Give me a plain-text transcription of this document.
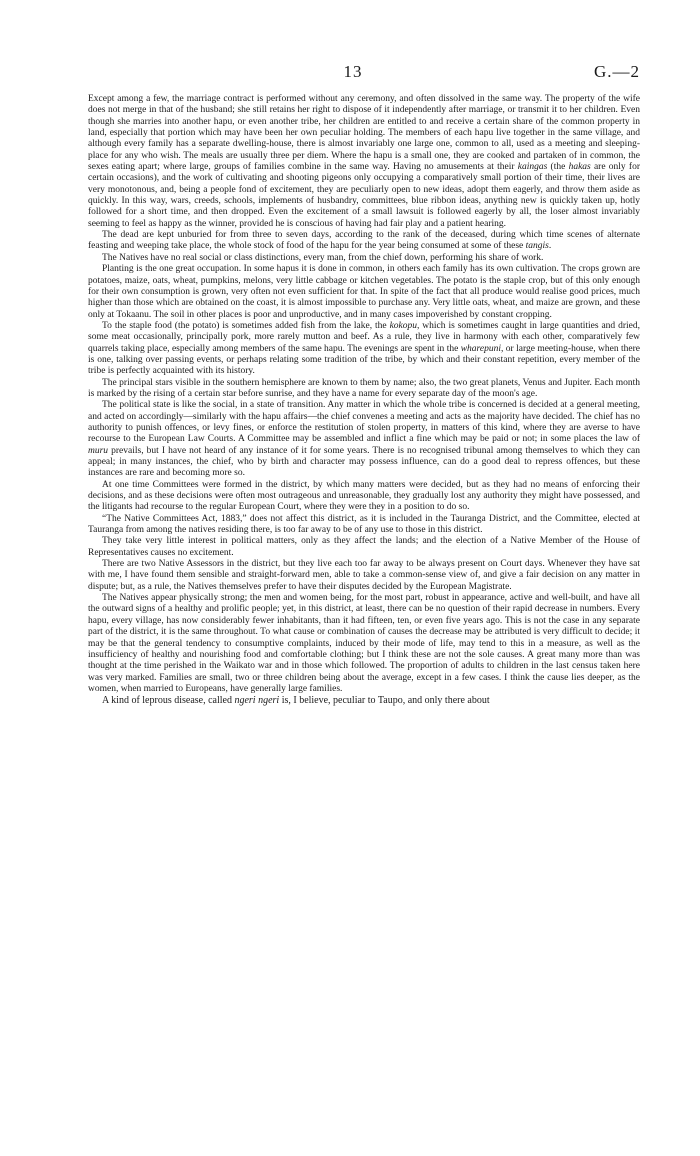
13	G.—2

Except among a few, the marriage contract is performed without any ceremony, and often dissolved in the same way. The property of the wife does not merge in that of the husband; she still retains her right to dispose of it independently after marriage, or transmit it to her children. Even though she marries into another hapu, or even another tribe, her children are entitled to and receive a certain share of the common property in land, especially that portion which may have been her own peculiar holding. The members of each hapu live together in the same village, and although every family has a separate dwelling-house, there is almost invariably one large one, common to all, used as a meeting and sleeping-place for any who wish. The meals are usually three per diem. Where the hapu is a small one, they are cooked and partaken of in common, the sexes eating apart; where large, groups of families combine in the same way. Having no amusements at their kaingas (the hakas are only for certain occasions), and the work of cultivating and shooting pigeons only occupying a comparatively small portion of their time, their lives are very monotonous, and, being a people fond of excitement, they are peculiarly open to new ideas, adopt them eagerly, and throw them aside as quickly. In this way, wars, creeds, schools, implements of husbandry, committees, blue ribbon ideas, anything new is quickly taken up, hotly followed for a short time, and then dropped. Even the excitement of a small lawsuit is followed eagerly by all, the loser almost invariably seeming to feel as happy as the winner, provided he is conscious of having had fair play and a patient hearing.

The dead are kept unburied for from three to seven days, according to the rank of the deceased, during which time scenes of alternate feasting and weeping take place, the whole stock of food of the hapu for the year being consumed at some of these tangis.

The Natives have no real social or class distinctions, every man, from the chief down, performing his share of work.

Planting is the one great occupation. In some hapus it is done in common, in others each family has its own cultivation. The crops grown are potatoes, maize, oats, wheat, pumpkins, melons, very little cabbage or kitchen vegetables. The potato is the staple crop, but of this only enough for their own consumption is grown, very often not even sufficient for that. In spite of the fact that all produce would realise good prices, much higher than those which are obtained on the coast, it is almost impossible to purchase any. Very little oats, wheat, and maize are grown, and these only at Tokaanu. The soil in other places is poor and unproductive, and in many cases impoverished by constant cropping.

To the staple food (the potato) is sometimes added fish from the lake, the kokopu, which is sometimes caught in large quantities and dried, some meat occasionally, principally pork, more rarely mutton and beef. As a rule, they live in harmony with each other, comparatively few quarrels taking place, especially among members of the same hapu. The evenings are spent in the wharepuni, or large meeting-house, when there is one, talking over passing events, or perhaps relating some tradition of the tribe, by which and their constant repetition, every member of the tribe is perfectly acquainted with its history.

The principal stars visible in the southern hemisphere are known to them by name; also, the two great planets, Venus and Jupiter. Each month is marked by the rising of a certain star before sunrise, and they have a name for every separate day of the moon's age.

The political state is like the social, in a state of transition. Any matter in which the whole tribe is concerned is decided at a general meeting, and acted on accordingly—similarly with the hapu affairs—the chief convenes a meeting and acts as the majority have decided. The chief has no authority to punish offences, or levy fines, or enforce the restitution of stolen property, in matters of this kind, where they are averse to have recourse to the European Law Courts. A Committee may be assembled and inflict a fine which may be paid or not; in some places the law of muru prevails, but I have not heard of any instance of it for some years. There is no recognised tribunal among themselves to which they can appeal; in many instances, the chief, who by birth and character may possess influence, can do a good deal to repress offences, but these instances are rare and becoming more so.

At one time Committees were formed in the district, by which many matters were decided, but as they had no means of enforcing their decisions, and as these decisions were often most outrageous and unreasonable, they gradually lost any authority they might have possessed, and the litigants had recourse to the regular European Court, where they were they in a position to do so.

“The Native Committees Act, 1883,” does not affect this district, as it is included in the Tauranga District, and the Committee, elected at Tauranga from among the natives residing there, is too far away to be of any use to those in this district.

They take very little interest in political matters, only as they affect the lands; and the election of a Native Member of the House of Representatives causes no excitement.

There are two Native Assessors in the district, but they live each too far away to be always present on Court days. Whenever they have sat with me, I have found them sensible and straight-forward men, able to take a common-sense view of, and give a fair decision on any matter in dispute; but, as a rule, the Natives themselves prefer to have their disputes decided by the European Magistrate.

The Natives appear physically strong; the men and women being, for the most part, robust in appearance, active and well-built, and have all the outward signs of a healthy and prolific people; yet, in this district, at least, there can be no question of their rapid decrease in numbers. Every hapu, every village, has now considerably fewer inhabitants, than it had fifteen, ten, or even five years ago. This is not the case in any separate part of the district, it is the same throughout. To what cause or combination of causes the decrease may be attributed is very difficult to decide; it may be that the general tendency to consumptive complaints, induced by their mode of life, may tend to this in a measure, as well as the insufficiency of healthy and nourishing food and comfortable clothing; but I think these are not the sole causes. A great many more than was thought at the time perished in the Waikato war and in those which followed. The proportion of adults to children in the last census taken here was very marked. Families are small, two or three children being about the average, except in a few cases. I think the cause lies deeper, as the women, when married to Europeans, have generally large families.

A kind of leprous disease, called ngeri ngeri is, I believe, peculiar to Taupo, and only there about
